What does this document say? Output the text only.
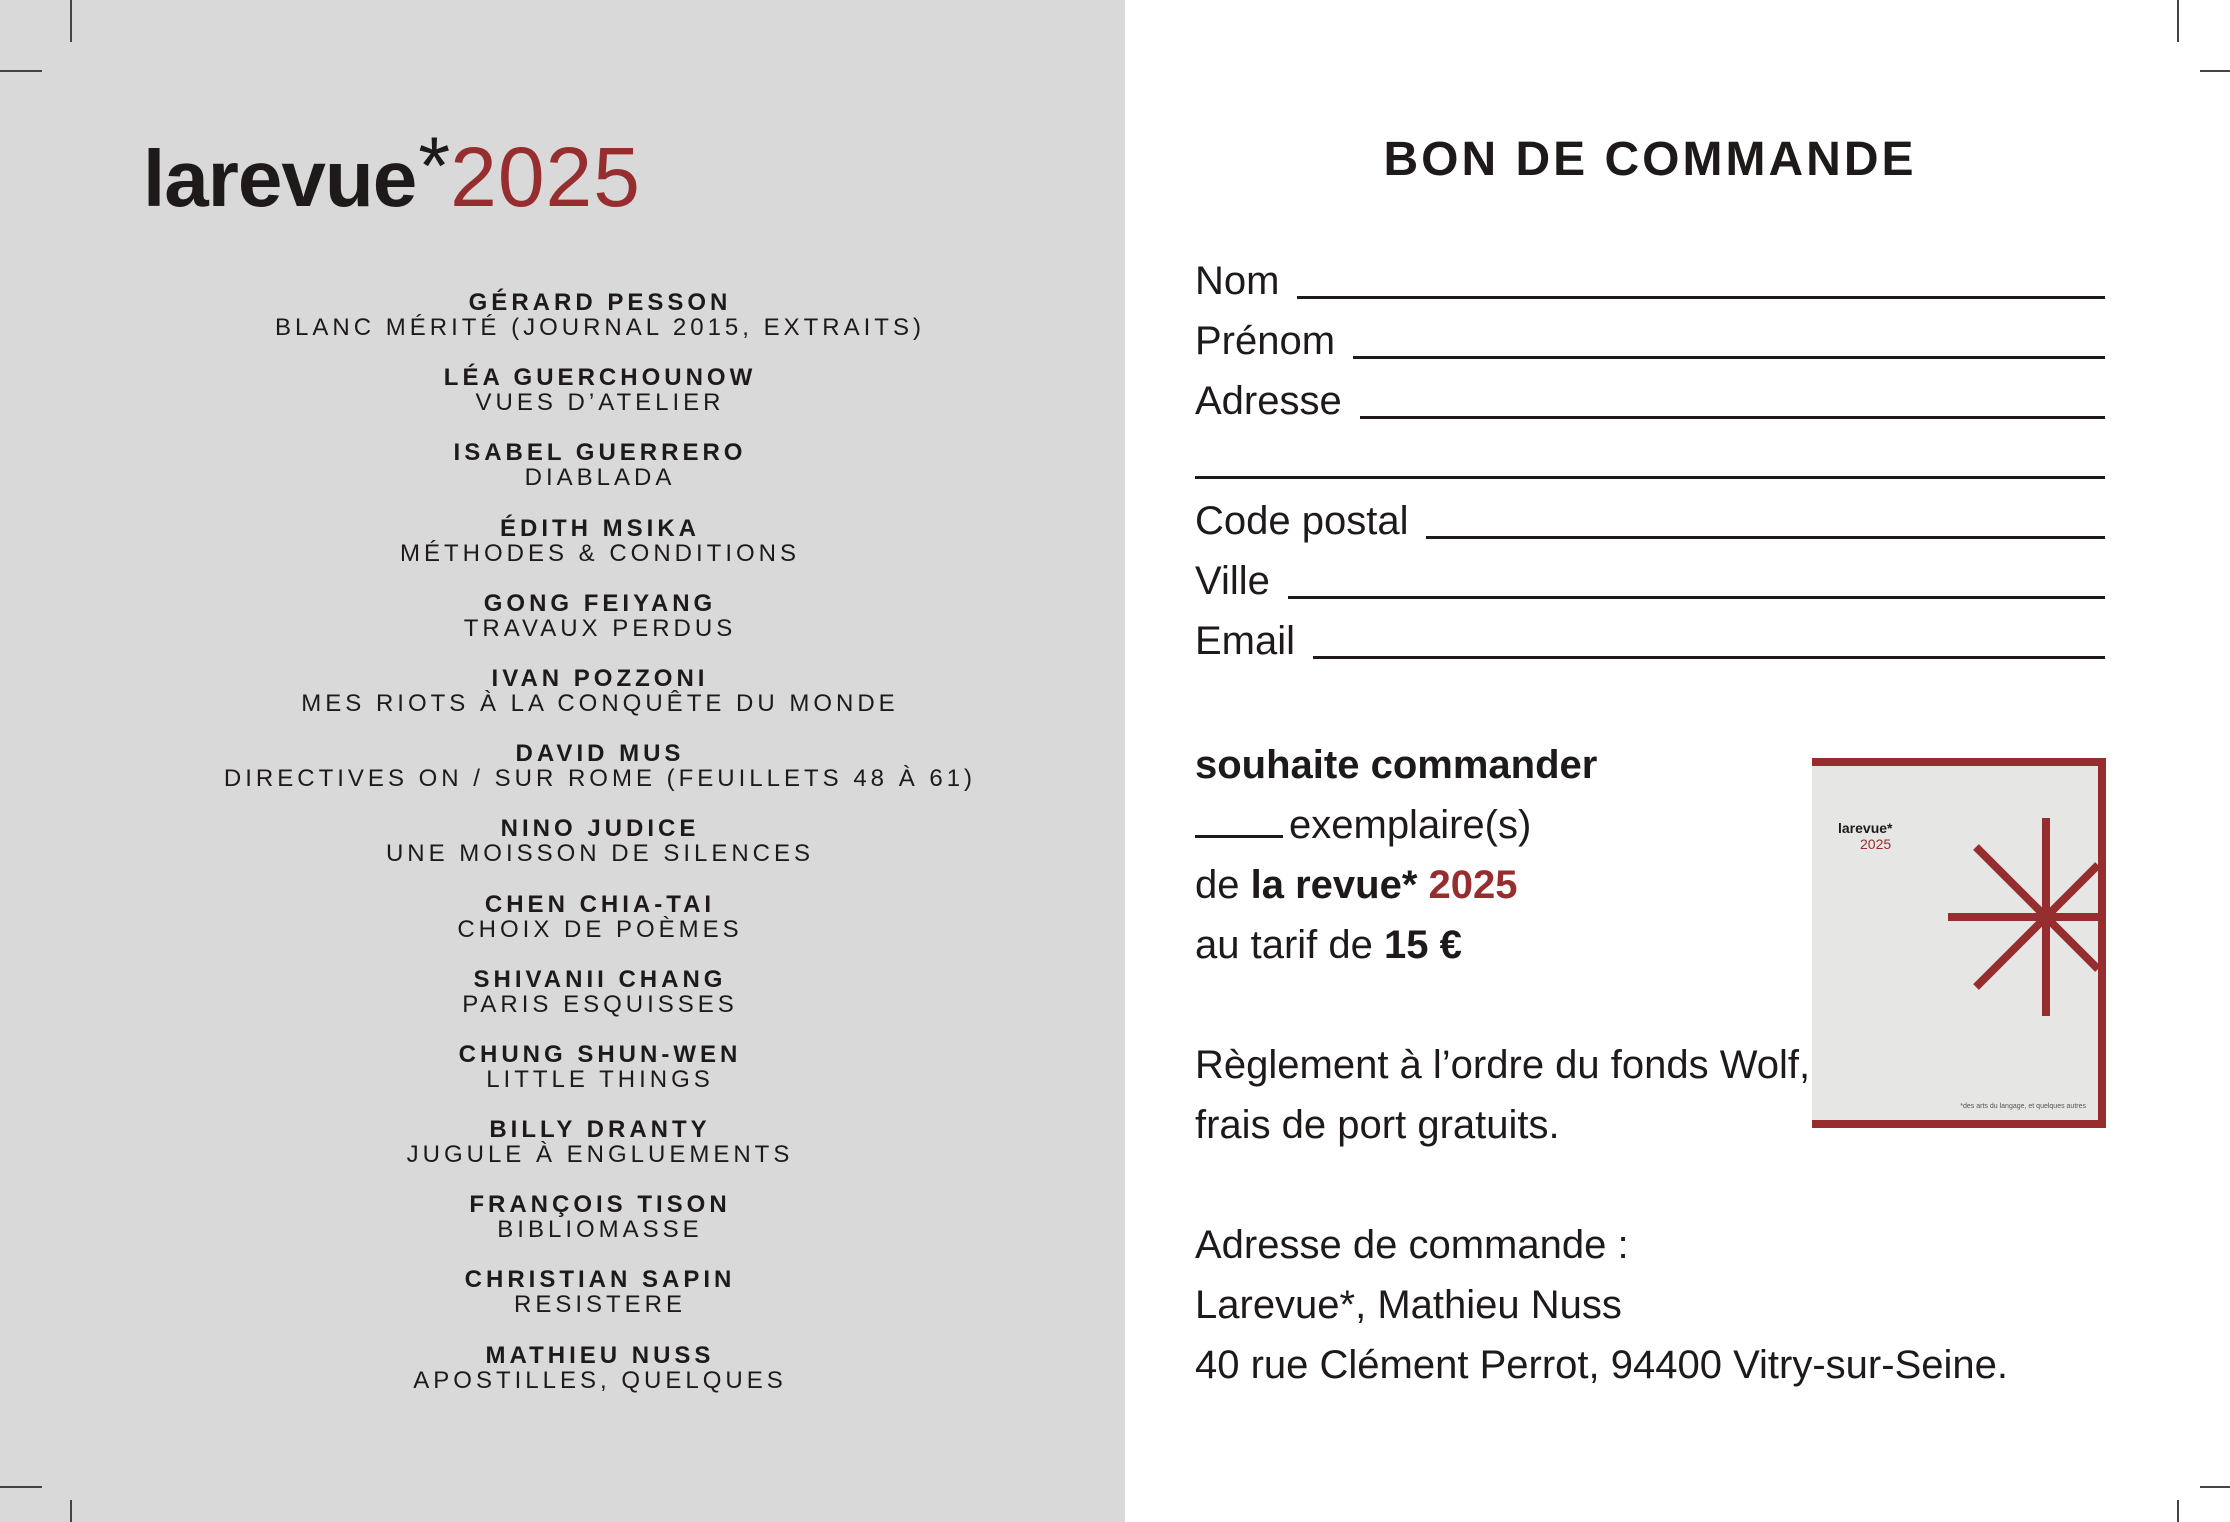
larevue*2025
GÉRARD PESSON
BLANC MÉRITÉ (JOURNAL 2015, EXTRAITS)
LÉA GUERCHOUNOW
VUES D’ATELIER
ISABEL GUERRERO
DIABLADA
ÉDITH MSIKA
MÉTHODES & CONDITIONS
GONG FEIYANG
TRAVAUX PERDUS
IVAN POZZONI
MES RIOTS À LA CONQUÊTE DU MONDE
DAVID MUS
DIRECTIVES ON / SUR ROME (FEUILLETS 48 À 61)
NINO JUDICE
UNE MOISSON DE SILENCES
CHEN CHIA-TAI
CHOIX DE POÈMES
SHIVANII CHANG
PARIS ESQUISSES
CHUNG SHUN-WEN
LITTLE THINGS
BILLY DRANTY
JUGULE À ENGLUEMENTS
FRANÇOIS TISON
BIBLIOMASSE
CHRISTIAN SAPIN
RESISTERE
MATHIEU NUSS
APOSTILLES, QUELQUES
BON DE COMMANDE
Nom
Prénom
Adresse
Code postal
Ville
Email
souhaite commander
exemplaire(s)
de la revue* 2025
au tarif de 15 €
Règlement à l’ordre du fonds Wolf,
frais de port gratuits.
Adresse de commande :
Larevue*, Mathieu Nuss
40 rue Clément Perrot, 94400 Vitry-sur-Seine.
larevue*
2025
*des arts du langage, et quelques autres
